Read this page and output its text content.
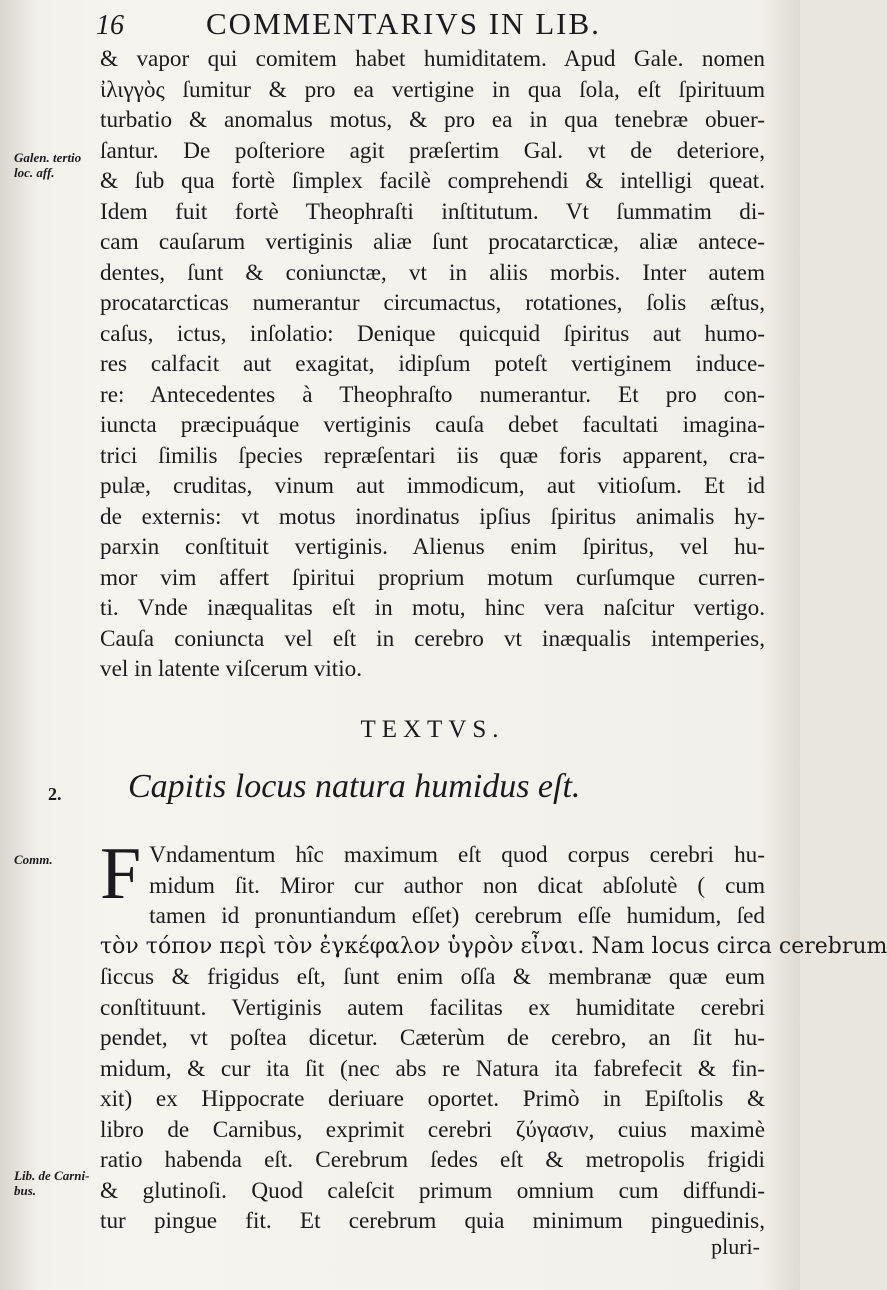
16	COMMENTARIVS IN LIB.
Galen. tertio loc. aff.
& vapor qui comitem habet humiditatem. Apud Gale. nomen
ἰλιγγὸς ſumitur & pro ea vertigine in qua ſola, eſt ſpirituum
turbatio & anomalus motus, & pro ea in qua tenebræ obuer-
ſantur. De poſteriore agit præſertim Gal. vt de deteriore,
& ſub qua fortè ſimplex facilè comprehendi & intelligi queat.
Idem fuit fortè Theophraſti inſtitutum. Vt ſummatim di-
cam cauſarum vertiginis aliæ ſunt procatarcticæ, aliæ antece-
dentes, ſunt & coniunctæ, vt in aliis morbis. Inter autem
procatarcticas numerantur circumactus, rotationes, ſolis æſtus,
caſus, ictus, inſolatio: Denique quicquid ſpiritus aut humo-
res calfacit aut exagitat, idipſum poteſt vertiginem induce-
re: Antecedentes à Theophraſto numerantur. Et pro con-
iuncta præcipuáque vertiginis cauſa debet facultati imagina-
trici ſimilis ſpecies repræſentari iis quæ foris apparent, cra-
pulæ, cruditas, vinum aut immodicum, aut vitioſum. Et id
de externis: vt motus inordinatus ipſius ſpiritus animalis hy-
parxin conſtituit vertiginis. Alienus enim ſpiritus, vel hu-
mor vim affert ſpiritui proprium motum curſumque curren-
ti. Vnde inæqualitas eſt in motu, hinc vera naſcitur vertigo.
Cauſa coniuncta vel eſt in cerebro vt inæqualis intemperies,
vel in latente viſcerum vitio.
TEXTVS.
2. Capitis locus natura humidus eſt.
Comm. F Vndamentum hîc maximum eſt quod corpus cerebri hu-
midum ſit. Miror cur author non dicat abſolutè ( cum
tamen id pronuntiandum eſſet) cerebrum eſſe humidum, ſed
τὸν τόπον περὶ τὸν ἐγκέφαλον ὑγρὸν εἶναι. Nam locus circa cerebrum
ſiccus & frigidus eſt, ſunt enim oſſa & membranæ quæ eum
conſtituunt. Vertiginis autem facilitas ex humiditate cerebri
pendet, vt poſtea dicetur. Cæterùm de cerebro, an ſit hu-
midum, & cur ita ſit (nec abs re Natura ita fabrefecit & fin-
xit) ex Hippocrate deriuare oportet. Primò in Epiſtolis &
libro de Carnibus, exprimit cerebri ζύγασιν, cuius maximè
ratio habenda eſt. Cerebrum ſedes eſt & metropolis frigidi
& glutinoſi. Quod caleſcit primum omnium cum diffundi-
tur pingue fit. Et cerebrum quia minimum pinguedinis,
Lib. de Carni-bus.
pluri-
